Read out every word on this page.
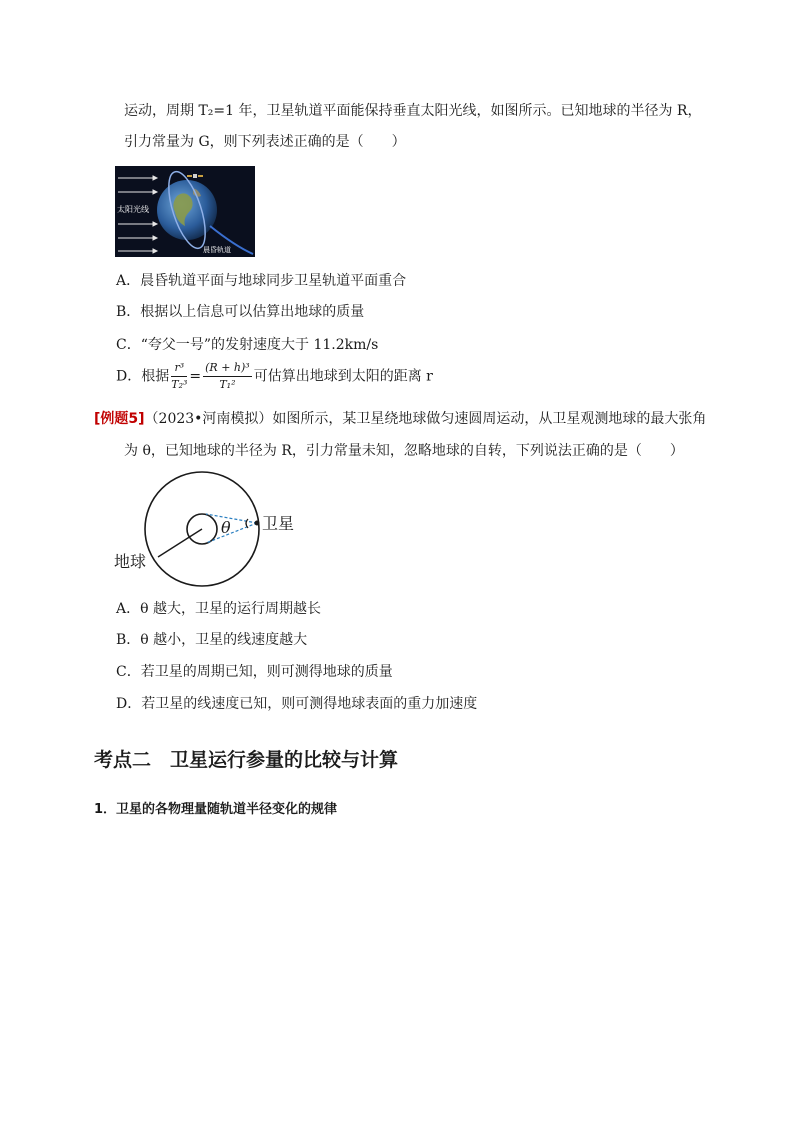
运动，周期 T₂=1 年，卫星轨道平面能保持垂直太阳光线，如图所示。已知地球的半径为 R，
引力常量为 G，则下列表述正确的是（　　）
太阳光线
晨昏轨道
A．晨昏轨道平面与地球同步卫星轨道平面重合
B．根据以上信息可以估算出地球的质量
C．“夸父一号”的发射速度大于 11.2km/s
D．根据 $\frac{\text{r³}}{\text{T₂³}} = \frac{\text{(R + h)³}}{\text{T₁²}}$ 可估算出地球到太阳的距离 r
[例题5]（2023•河南模拟）如图所示，某卫星绕地球做匀速圆周运动，从卫星观测地球的最大张角
为 θ，已知地球的半径为 R，引力常量未知，忽略地球的自转，下列说法正确的是（　　）
θ 卫星
地球
A．θ 越大，卫星的运行周期越长
B．θ 越小，卫星的线速度越大
C．若卫星的周期已知，则可测得地球的质量
D．若卫星的线速度已知，则可测得地球表面的重力加速度
考点二　卫星运行参量的比较与计算
1．卫星的各物理量随轨道半径变化的规律
